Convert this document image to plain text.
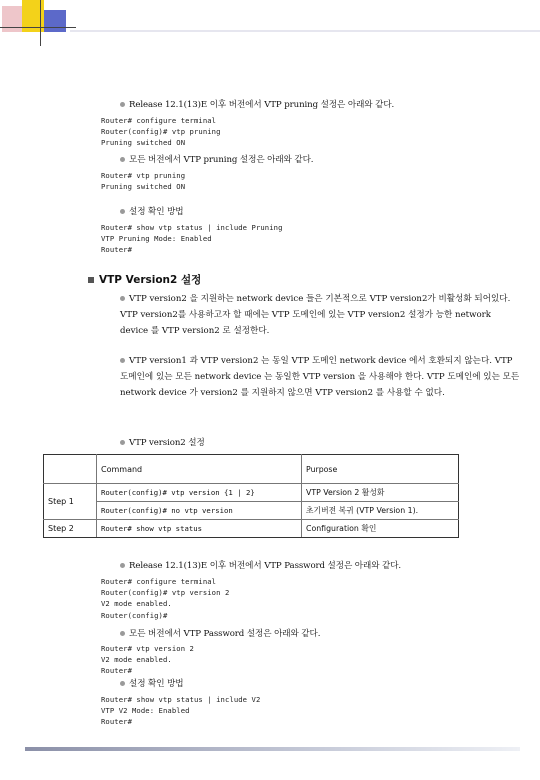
Release 12.1(13)E 이후 버전에서 VTP pruning 설정은 아래와 같다.
Router# configure terminal
Router(config)# vtp pruning
Pruning switched ON
모든 버전에서 VTP pruning 설정은 아래와 같다.
Router# vtp pruning
Pruning switched ON
설정 확인 방법
Router# show vtp status | include Pruning
VTP Pruning Mode: Enabled
Router#
VTP Version2 설정
VTP version2 을 지원하는 network device 들은 기본적으로 VTP version2가 비활성화 되어있다. VTP version2를 사용하고자 할 때에는 VTP 도메인에 있는 VTP version2 설정가 능한 network device 를 VTP version2 로 설정한다.
VTP version1 과 VTP version2 는 동일 VTP 도메인 network device 에서 호환되지 않는다. VTP 도메인에 있는 모든 network device 는 동일한 VTP version 을 사용해야 한다. VTP 도메인에 있는 모든 network device 가 version2 를 지원하지 않으면 VTP version2 를 사용할 수 없다.
VTP version2 설정
	Command	Purpose
Step 1	Router(config)# vtp version {1 | 2}	VTP Version 2 활성화
	Router(config)# no vtp version	초기버전 복귀 (VTP Version 1).
Step 2	Router# show vtp status	Configuration 확인
Release 12.1(13)E 이후 버전에서 VTP Password 설정은 아래와 같다.
Router# configure terminal
Router(config)# vtp version 2
V2 mode enabled.
Router(config)#
모든 버전에서 VTP Password 설정은 아래와 같다.
Router# vtp version 2
V2 mode enabled.
Router#
설정 확인 방법
Router# show vtp status | include V2
VTP V2 Mode: Enabled
Router#
